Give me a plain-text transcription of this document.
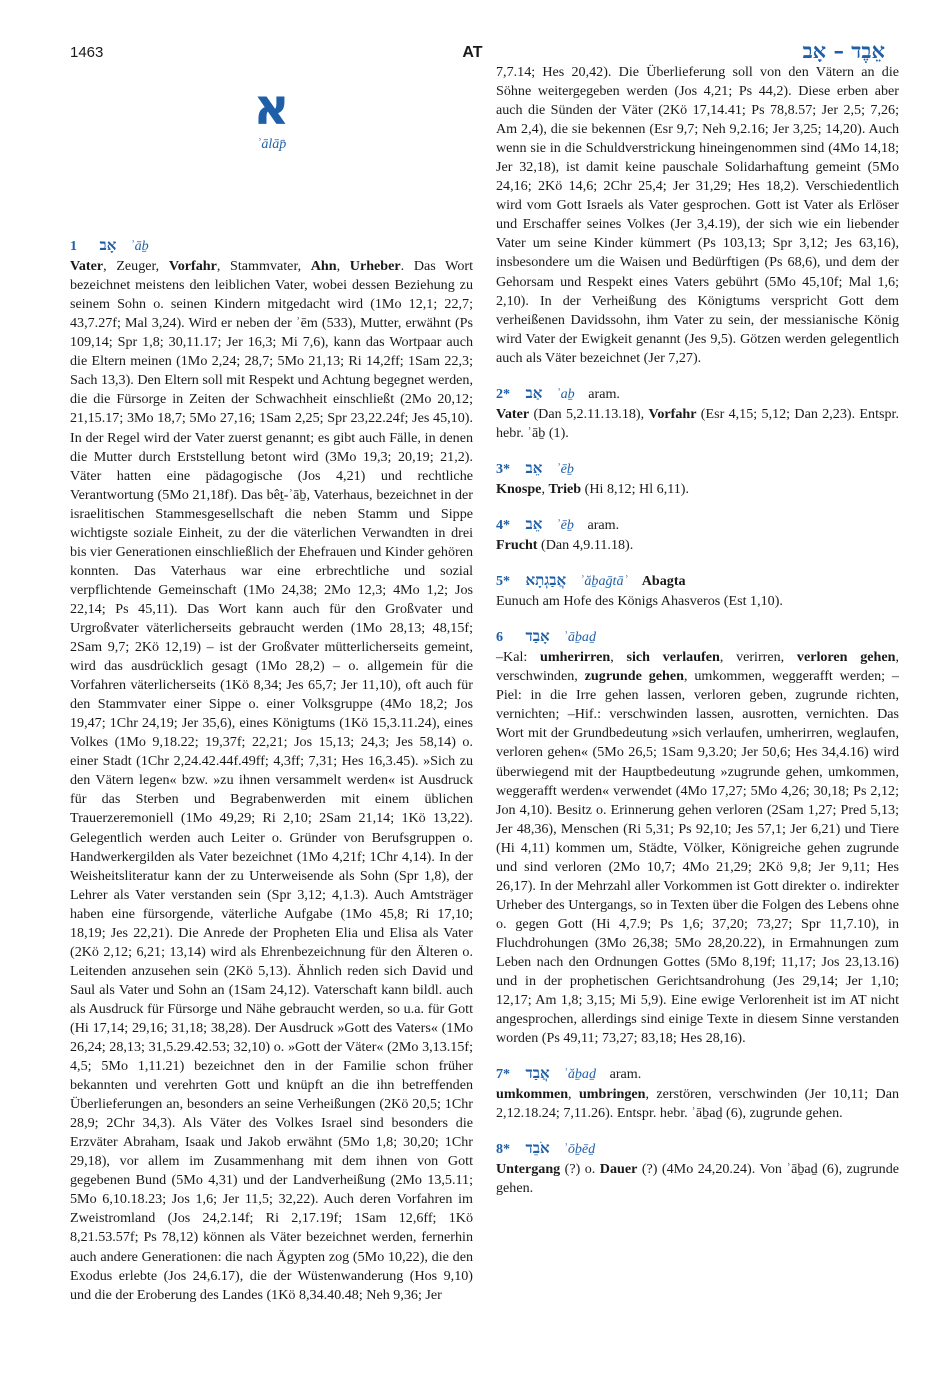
1463	AT	אֵבֶד – אָב
א
ʾālāp̄
1 אָב ʾāḇ

Vater, Zeuger, Vorfahr, Stammvater, Ahn, Urheber. Das Wort bezeichnet meistens den leiblichen Vater, wobei dessen Beziehung zu seinem Sohn o. seinen Kindern mitgedacht wird (1Mo 12,1; 22,7; 43,7.27f; Mal 3,24). Wird er neben der ʾēm (533), Mutter, erwähnt (Ps 109,14; Spr 1,8; 30,11.17; Jer 16,3; Mi 7,6), kann das Wortpaar auch die Eltern meinen (1Mo 2,24; 28,7; 5Mo 21,13; Ri 14,2ff; 1Sam 22,3; Sach 13,3). Den Eltern soll mit Respekt und Achtung begegnet werden, die die Fürsorge in Zeiten der Schwachheit einschließt (2Mo 20,12; 21,15.17; 3Mo 18,7; 5Mo 27,16; 1Sam 2,25; Spr 23,22.24f; Jes 45,10). In der Regel wird der Vater zuerst genannt; es gibt auch Fälle, in denen die Mutter durch Erststellung betont wird (3Mo 19,3; 20,19; 21,2). Väter hatten eine pädagogische (Jos 4,21) und rechtliche Verantwortung (5Mo 21,18f). Das bêṯ-ʾāḇ, Vaterhaus, bezeichnet in der israelitischen Stammesgesellschaft die neben Stamm und Sippe wichtigste soziale Einheit, zu der die väterlichen Verwandten in drei bis vier Generationen einschließlich der Ehefrauen und Kinder gehören konnten. Das Vaterhaus war eine erbrechtliche und sozial verpflichtende Gemeinschaft (1Mo 24,38; 2Mo 12,3; 4Mo 1,2; Jos 22,14; Ps 45,11). Das Wort kann auch für den Großvater und Urgroßvater väterlicherseits gebraucht werden (1Mo 28,13; 48,15f; 2Sam 9,7; 2Kö 12,19) – ist der Großvater mütterlicherseits gemeint, wird das ausdrücklich gesagt (1Mo 28,2) – o. allgemein für die Vorfahren väterlicherseits (1Kö 8,34; Jes 65,7; Jer 11,10), oft auch für den Stammvater einer Sippe o. einer Volksgruppe (4Mo 18,2; Jos 19,47; 1Chr 24,19; Jer 35,6), eines Königtums (1Kö 15,3.11.24), eines Volkes (1Mo 9,18.22; 19,37f; 22,21; Jos 15,13; 24,3; Jes 58,14) o. einer Stadt (1Chr 2,24.42.44f.49ff; 4,3ff; 7,31; Hes 16,3.45). »Sich zu den Vätern legen« bzw. »zu ihnen versammelt werden« ist Ausdruck für das Sterben und Begrabenwerden mit einem üblichen Trauerzeremoniell (1Mo 49,29; Ri 2,10; 2Sam 21,14; 1Kö 13,22). Gelegentlich werden auch Leiter o. Gründer von Berufsgruppen o. Handwerkergilden als Vater bezeichnet (1Mo 4,21f; 1Chr 4,14). In der Weisheitsliteratur kann der zu Unterweisende als Sohn (Spr 1,8), der Lehrer als Vater verstanden sein (Spr 3,12; 4,1.3). Auch Amtsträger haben eine fürsorgende, väterliche Aufgabe (1Mo 45,8; Ri 17,10; 18,19; Jes 22,21). Die Anrede der Propheten Elia und Elisa als Vater (2Kö 2,12; 6,21; 13,14) wird als Ehrenbezeichnung für den Älteren o. Leitenden anzusehen sein (2Kö 5,13). Ähnlich reden sich David und Saul als Vater und Sohn an (1Sam 24,12). Vaterschaft kann bildl. auch als Ausdruck für Fürsorge und Nähe gebraucht werden, so u.a. für Gott (Hi 17,14; 29,16; 31,18; 38,28). Der Ausdruck »Gott des Vaters« (1Mo 26,24; 28,13; 31,5.29.42.53; 32,10) o. »Gott der Väter« (2Mo 3,13.15f; 4,5; 5Mo 1,11.21) bezeichnet den in der Familie schon früher bekannten und verehrten Gott und knüpft an die ihn betreffenden Überlieferungen an, besonders an seine Verheißungen (2Kö 20,5; 1Chr 28,9; 2Chr 34,3). Als Väter des Volkes Israel sind besonders die Erzväter Abraham, Isaak und Jakob erwähnt (5Mo 1,8; 30,20; 1Chr 29,18), vor allem im Zusammenhang mit dem ihnen von Gott gegebenen Bund (5Mo 4,31) und der Landverheißung (2Mo 13,5.11; 5Mo 6,10.18.23; Jos 1,6; Jer 11,5; 32,22). Auch deren Vorfahren im Zweistromland (Jos 24,2.14f; Ri 2,17.19f; 1Sam 12,6ff; 1Kö 8,21.53.57f; Ps 78,12) können als Väter bezeichnet werden, fernerhin auch andere Generationen: die nach Ägypten zog (5Mo 10,22), die den Exodus erlebte (Jos 24,6.17), die der Wüstenwanderung (Hos 9,10) und die der Eroberung des Landes (1Kö 8,34.40.48; Neh 9,36; Jer

7,7.14; Hes 20,42). Die Überlieferung soll von den Vätern an die Söhne weitergegeben werden (Jos 4,21; Ps 44,2). Diese erben aber auch die Sünden der Väter (2Kö 17,14.41; Ps 78,8.57; Jer 2,5; 7,26; Am 2,4), die sie bekennen (Esr 9,7; Neh 9,2.16; Jer 3,25; 14,20). Auch wenn sie in die Schuldverstrickung hineingenommen sind (4Mo 14,18; Jer 32,18), ist damit keine pauschale Solidarhaftung gemeint (5Mo 24,16; 2Kö 14,6; 2Chr 25,4; Jer 31,29; Hes 18,2). Verschiedentlich wird vom Gott Israels als Vater gesprochen. Gott ist Vater als Erlöser und Erschaffer seines Volkes (Jer 3,4.19), der sich wie ein liebender Vater um seine Kinder kümmert (Ps 103,13; Spr 3,12; Jes 63,16), insbesondere um die Waisen und Bedürftigen (Ps 68,6), und dem der Gehorsam und Respekt eines Vaters gebührt (5Mo 45,10f; Mal 1,6; 2,10). In der Verheißung des Königtums verspricht Gott dem verheißenen Davidssohn, ihm Vater zu sein, der messianische König wird Vater der Ewigkeit genannt (Jes 9,5). Götzen werden gelegentlich auch als Väter bezeichnet (Jer 7,27).

2* אַב ʾaḇ aram.

Vater (Dan 5,2.11.13.18), Vorfahr (Esr 4,15; 5,12; Dan 2,23). Entspr. hebr. ʾāḇ (1).

3* אֵב ʾēḇ

Knospe, Trieb (Hi 8,12; Hl 6,11).

4* אֵב ʾēḇ aram.

Frucht (Dan 4,9.11.18).

5* אֲבַגְתָא ʾăḇaḡtāʾ Abagta

Eunuch am Hofe des Königs Ahasveros (Est 1,10).

6 אָבַד ʾāḇaḏ

–Kal: umherirren, sich verlaufen, verirren, verloren gehen, verschwinden, zugrunde gehen, umkommen, weggerafft werden; –Piel: in die Irre gehen lassen, verloren geben, zugrunde richten, vernichten; –Hif.: verschwinden lassen, ausrotten, vernichten. Das Wort mit der Grundbedeutung »sich verlaufen, umherirren, weglaufen, verloren gehen« (5Mo 26,5; 1Sam 9,3.20; Jer 50,6; Hes 34,4.16) wird überwiegend mit der Hauptbedeutung »zugrunde gehen, umkommen, weggerafft werden« verwendet (4Mo 17,27; 5Mo 4,26; 30,18; Ps 2,12; Jon 4,10). Besitz o. Erinnerung gehen verloren (2Sam 1,27; Pred 5,13; Jer 48,36), Menschen (Ri 5,31; Ps 92,10; Jes 57,1; Jer 6,21) und Tiere (Hi 4,11) kommen um, Städte, Völker, Königreiche gehen zugrunde und sind verloren (2Mo 10,7; 4Mo 21,29; 2Kö 9,8; Jer 9,11; Hes 26,17). In der Mehrzahl aller Vorkommen ist Gott direkter o. indirekter Urheber des Untergangs, so in Texten über die Folgen des Lebens ohne o. gegen Gott (Hi 4,7.9; Ps 1,6; 37,20; 73,27; Spr 11,7.10), in Fluchdrohungen (3Mo 26,38; 5Mo 28,20.22), in Ermahnungen zum Leben nach den Ordnungen Gottes (5Mo 8,19f; 11,17; Jos 23,13.16) und in der prophetischen Gerichtsandrohung (Jes 29,14; Jer 1,10; 12,17; Am 1,8; 3,15; Mi 5,9). Eine ewige Verlorenheit ist im AT nicht angesprochen, allerdings sind einige Texte in diesem Sinne verstanden worden (Ps 49,11; 73,27; 83,18; Hes 28,16).

7* אֲבַד ʾăḇaḏ aram.

umkommen, umbringen, zerstören, verschwinden (Jer 10,11; Dan 2,12.18.24; 7,11.26). Entspr. hebr. ʾāḇaḏ (6), zugrunde gehen.

8* אֹבֵד ʾōḇēḏ

Untergang (?) o. Dauer (?) (4Mo 24,20.24). Von ʾāḇaḏ (6), zugrunde gehen.
